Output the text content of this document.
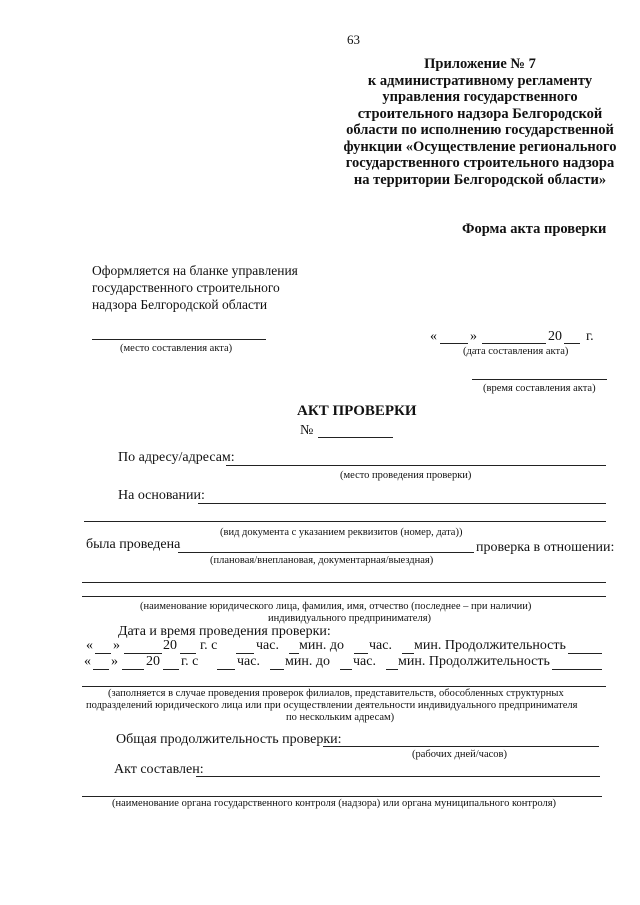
63
Приложение № 7
к административному регламенту
управления государственного
строительного надзора Белгородской
области по исполнению государственной
функции «Осуществление регионального
государственного строительного надзора
на территории Белгородской области»
Форма акта проверки
Оформляется на бланке управления
государственного строительного
надзора Белгородской области
(место составления акта)
« »	20 г.
(дата составления акта)
(время составления акта)
АКТ ПРОВЕРКИ
№
По адресу/адресам:
(место проведения проверки)
На основании:
(вид документа с указанием реквизитов (номер, дата))
была проведена	проверка в отношении:
(плановая/внеплановая, документарная/выездная)
(наименование юридического лица, фамилия, имя, отчество (последнее – при наличии)
индивидуального предпринимателя)
Дата и время проведения проверки:
« »	20 г. с	час. мин. до час. мин. Продолжительность
« » 20 г. с	час. мин. до час. мин. Продолжительность
(заполняется в случае проведения проверок филиалов, представительств, обособленных структурных
подразделений юридического лица или при осуществлении деятельности индивидуального предпринимателя
по нескольким адресам)
Общая продолжительность проверки:
(рабочих дней/часов)
Акт составлен:
(наименование органа государственного контроля (надзора) или органа муниципального контроля)
